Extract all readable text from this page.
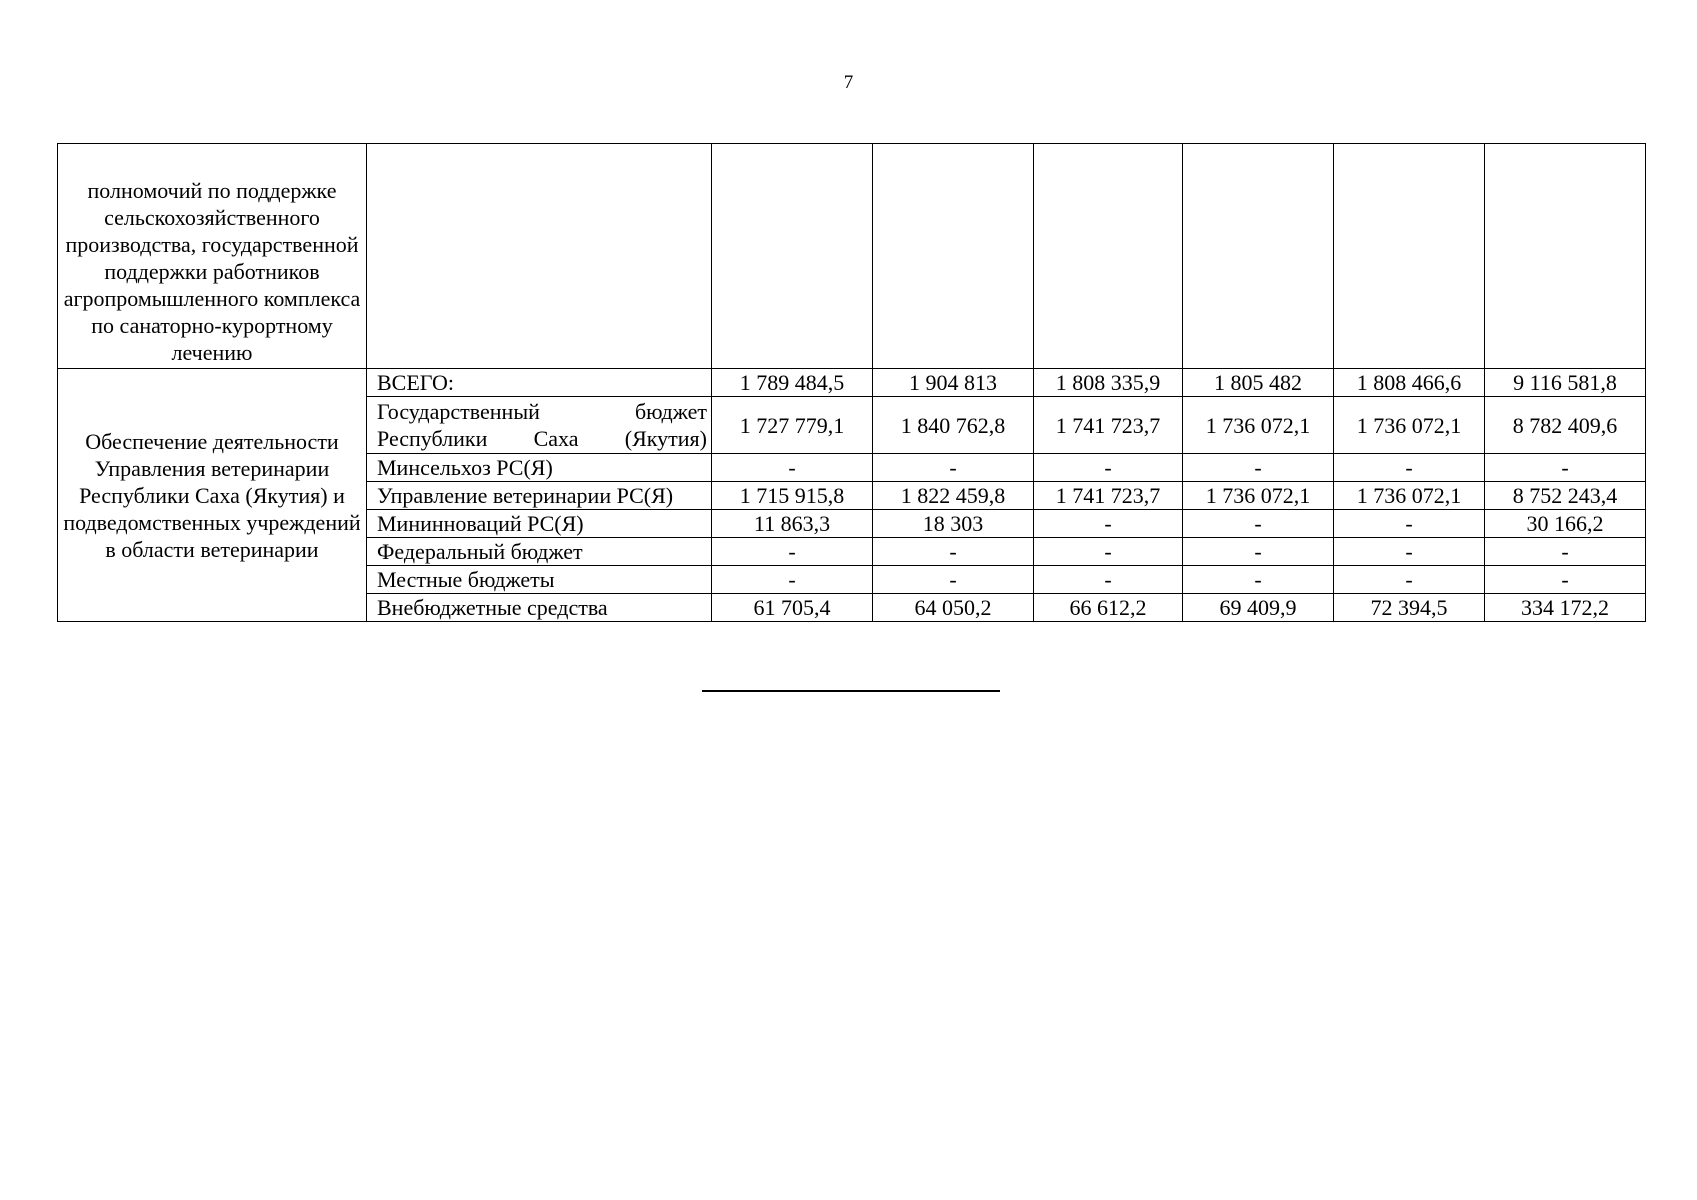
7
полномочий по поддержке сельскохозяйственного производства, государственной поддержки работников агропромышленного комплекса по санаторно-курортному лечению							
Обеспечение деятельности Управления ветеринарии Республики Саха (Якутия) и подведомственных учреждений в области ветеринарии	ВСЕГО:	1 789 484,5	1 904 813	1 808 335,9	1 805 482	1 808 466,6	9 116 581,8
	Государственный бюджет Республики Саха (Якутия)	1 727 779,1	1 840 762,8	1 741 723,7	1 736 072,1	1 736 072,1	8 782 409,6
	Минсельхоз РС(Я)	-	-	-	-	-	-
	Управление ветеринарии РС(Я)	1 715 915,8	1 822 459,8	1 741 723,7	1 736 072,1	1 736 072,1	8 752 243,4
	Мининноваций РС(Я)	11 863,3	18 303	-	-	-	30 166,2
	Федеральный бюджет	-	-	-	-	-	-
	Местные бюджеты	-	-	-	-	-	-
	Внебюджетные средства	61 705,4	64 050,2	66 612,2	69 409,9	72 394,5	334 172,2
